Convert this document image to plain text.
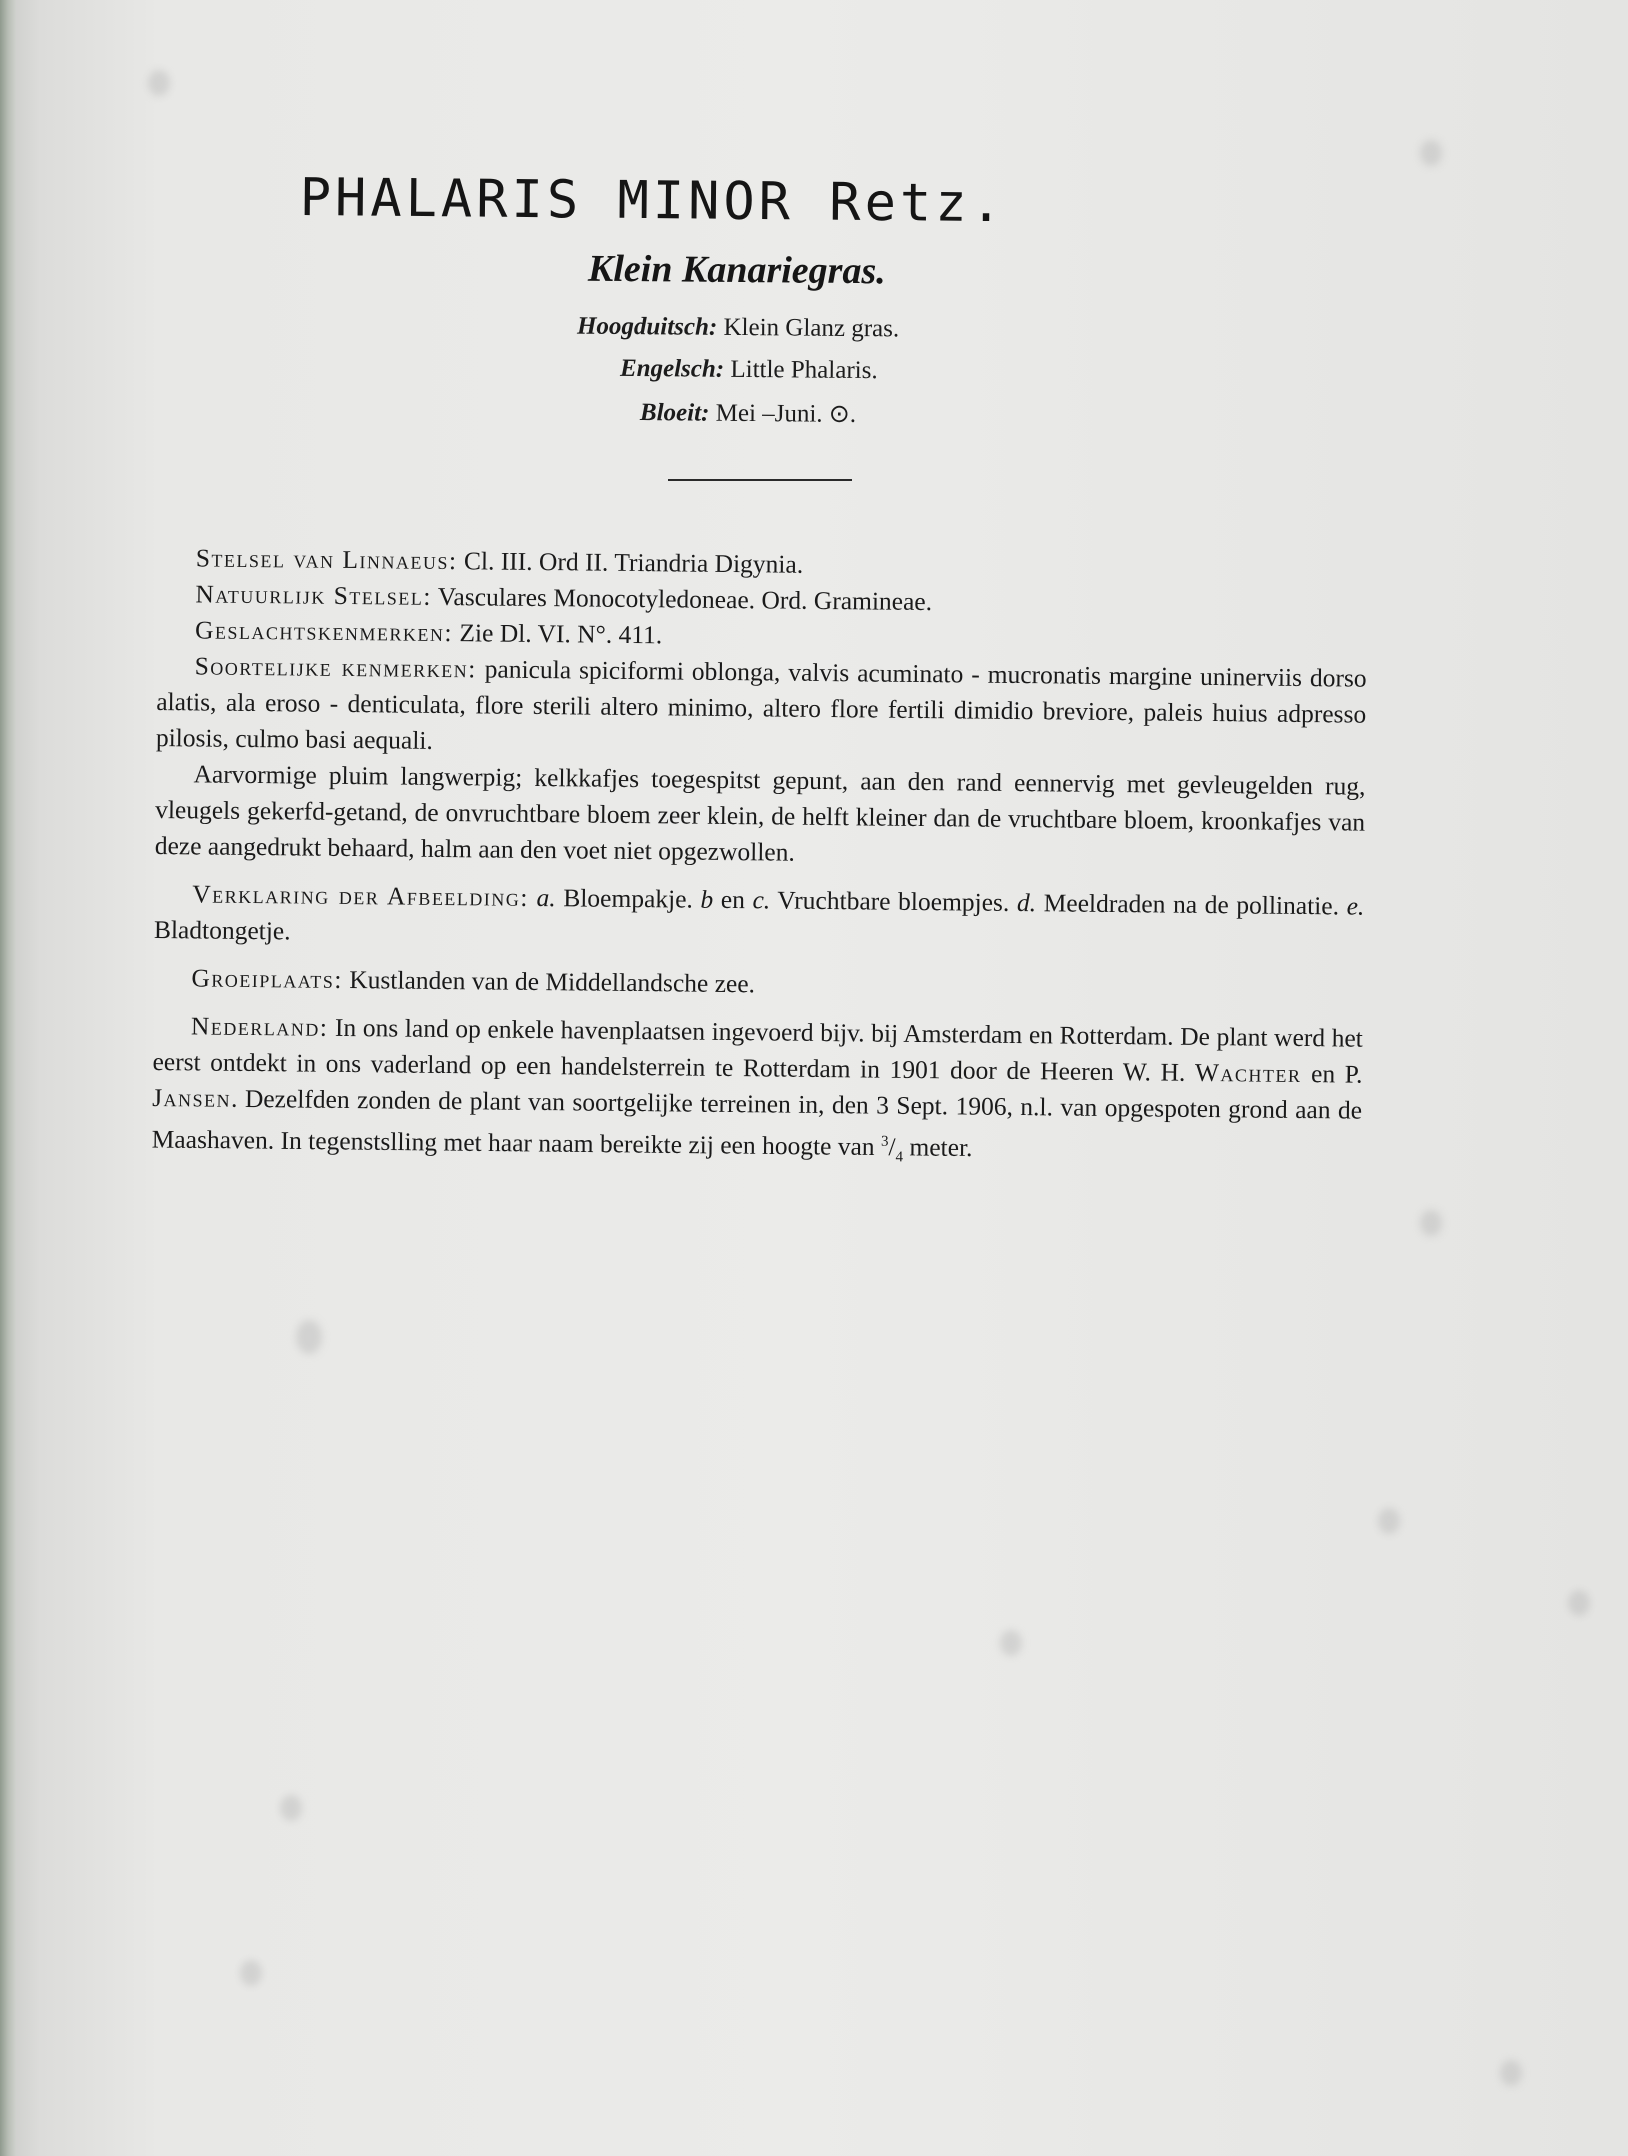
PHALARIS MINOR Retz.
Klein Kanariegras.
Hoogduitsch: Klein Glanz gras.
Engelsch: Little Phalaris.
Bloeit: Mei –Juni. ⊙.

Stelsel van Linnaeus: Cl. III. Ord II. Triandria Digynia.

Natuurlijk Stelsel: Vasculares Monocotyledoneae. Ord. Gramineae.

Geslachtskenmerken: Zie Dl. VI. N°. 411.

Soortelijke kenmerken: panicula spiciformi oblonga, valvis acuminato - mucronatis margine uninerviis dorso alatis, ala eroso - denticulata, flore sterili altero minimo, altero flore fertili dimidio breviore, paleis huius adpresso pilosis, culmo basi aequali.

Aarvormige pluim langwerpig; kelkkafjes toegespitst gepunt, aan den rand eennervig met gevleugelden rug, vleugels gekerfd-getand, de onvruchtbare bloem zeer klein, de helft kleiner dan de vruchtbare bloem, kroonkafjes van deze aangedrukt behaard, halm aan den voet niet opgezwollen.

Verklaring der Afbeelding: a. Bloempakje. b en c. Vruchtbare bloempjes. d. Meeldraden na de pollinatie. e. Bladtongetje.

Groeiplaats: Kustlanden van de Middellandsche zee.

Nederland: In ons land op enkele havenplaatsen ingevoerd bijv. bij Amsterdam en Rotterdam. De plant werd het eerst ontdekt in ons vaderland op een handelsterrein te Rotterdam in 1901 door de Heeren W. H. Wachter en P. Jansen. Dezelfden zonden de plant van soortgelijke terreinen in, den 3 Sept. 1906, n.l. van opgespoten grond aan de Maashaven. In tegenstslling met haar naam bereikte zij een hoogte van $^3/_4$ meter.
